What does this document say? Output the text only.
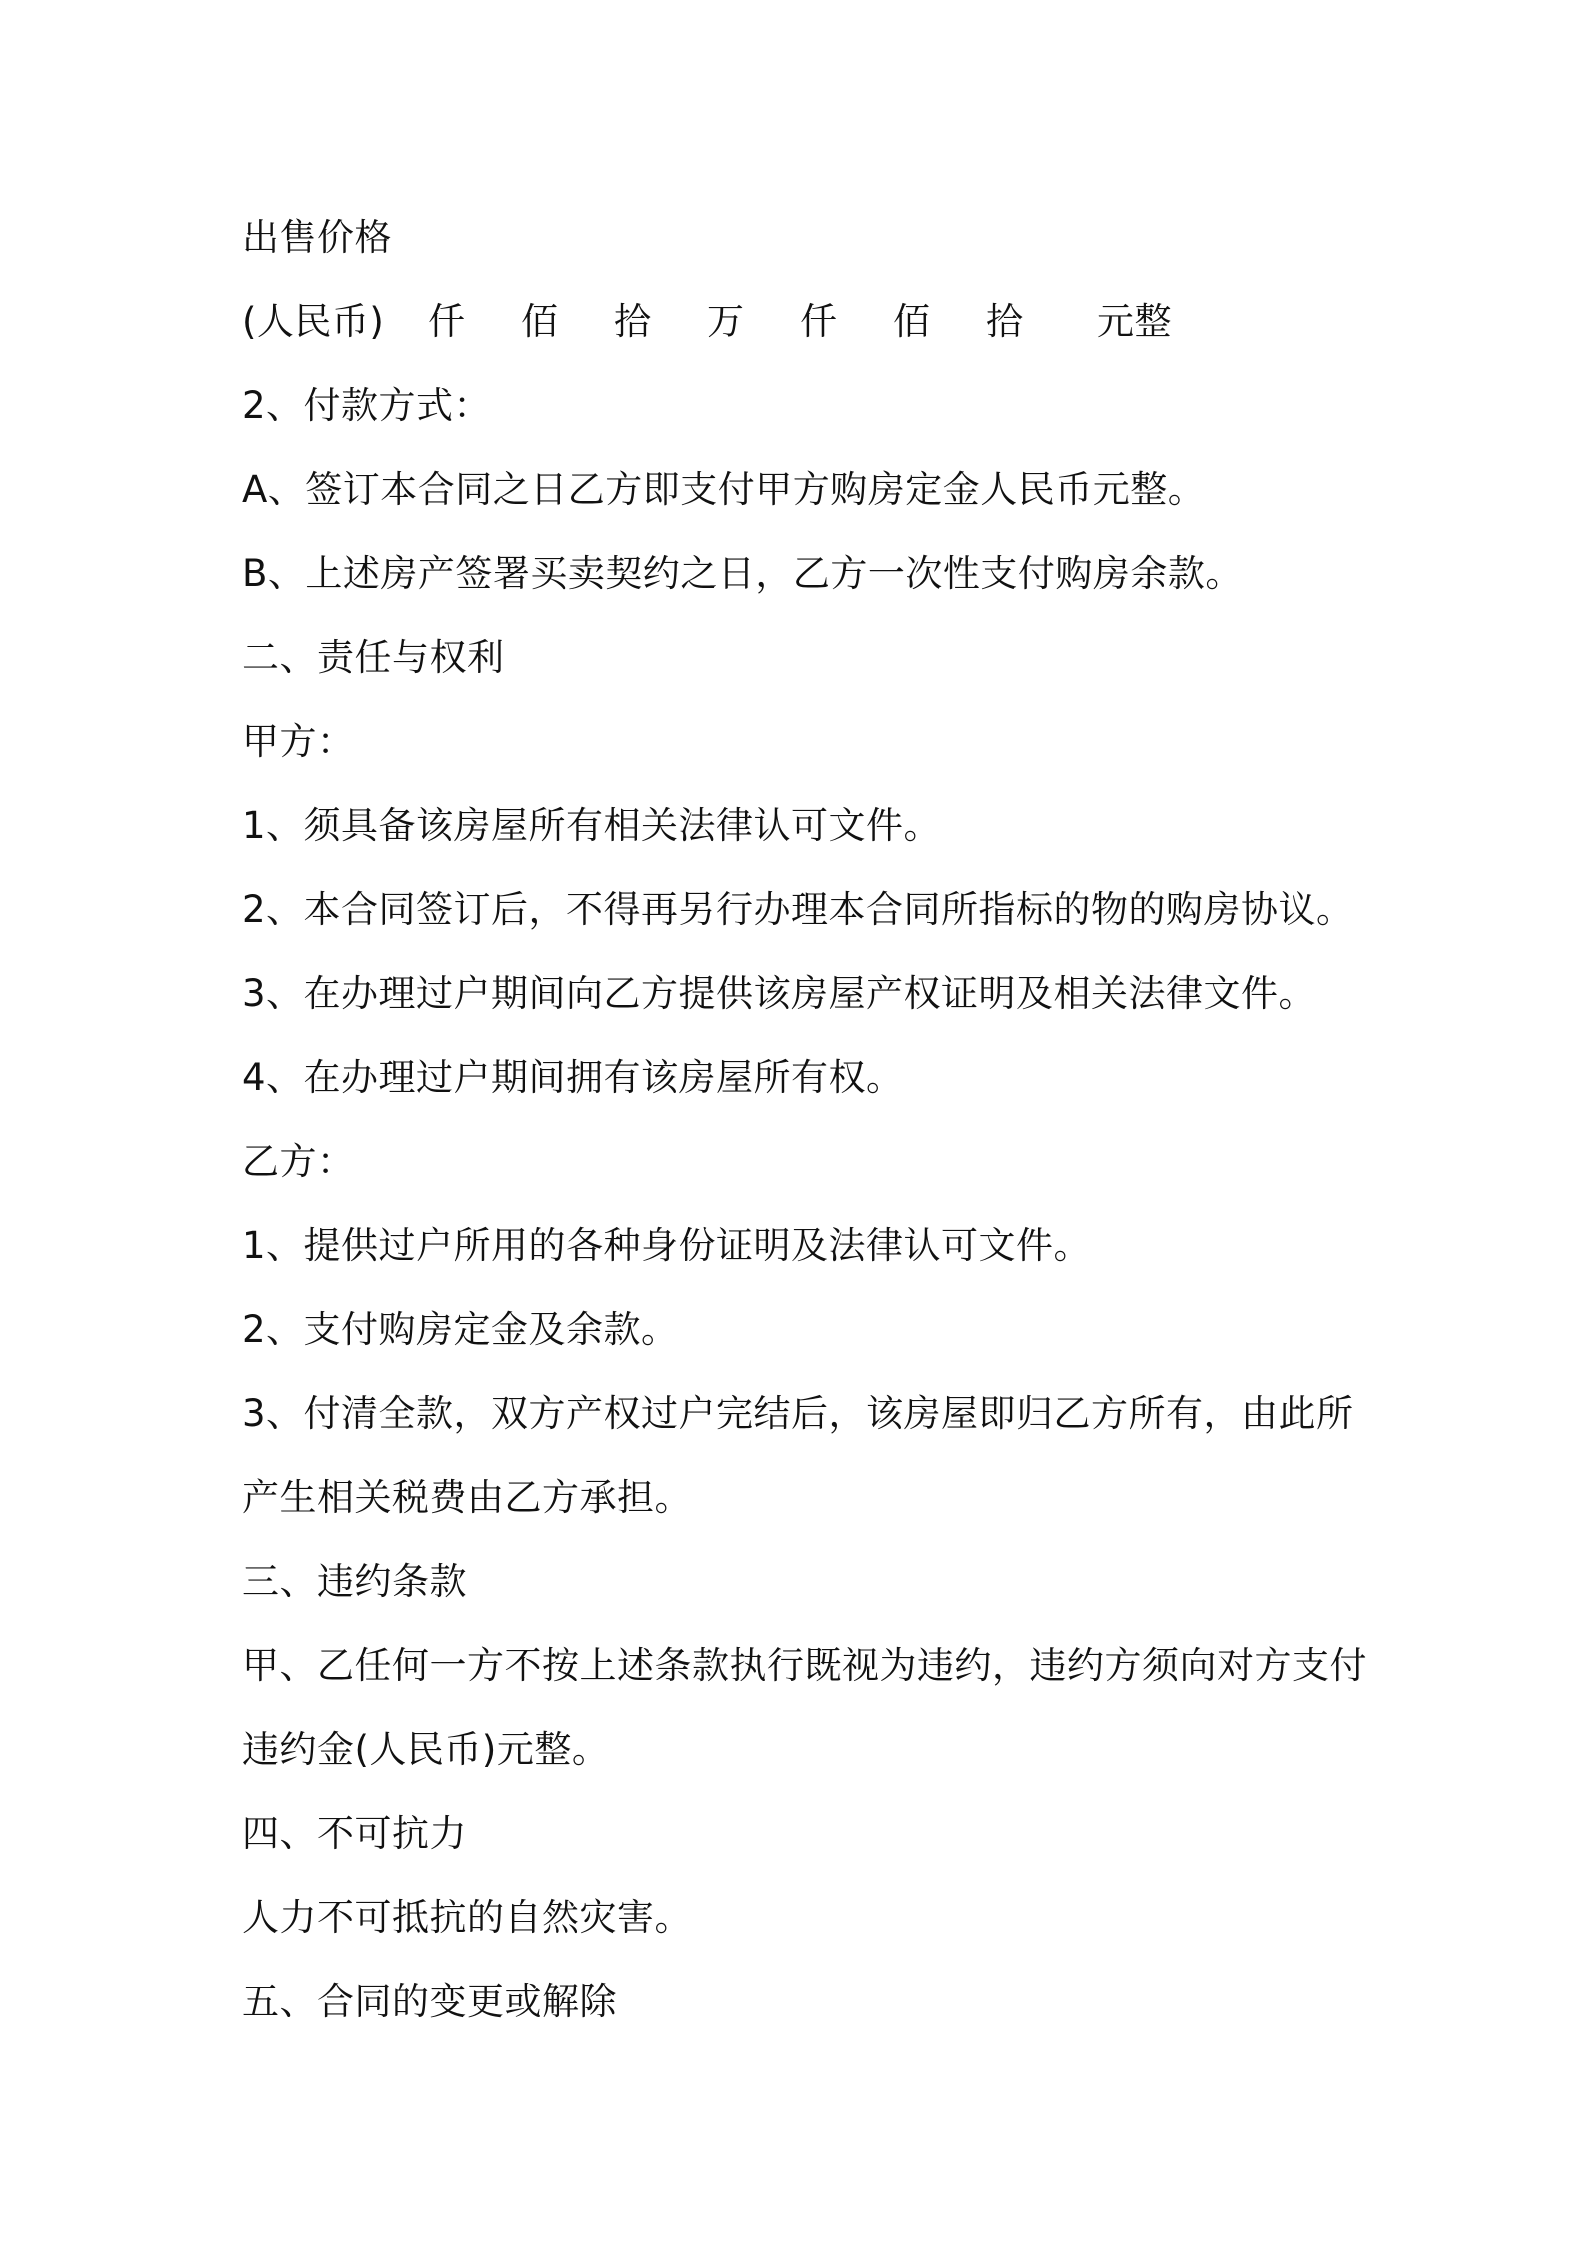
出售价格
(人民币)	仟	佰	拾	万	仟	佰	拾	元整
2、付款方式：
A、签订本合同之日乙方即支付甲方购房定金人民币元整。
B、上述房产签署买卖契约之日，乙方一次性支付购房余款。
二、责任与权利
甲方：
1、须具备该房屋所有相关法律认可文件。
2、本合同签订后，不得再另行办理本合同所指标的物的购房协议。
3、在办理过户期间向乙方提供该房屋产权证明及相关法律文件。
4、在办理过户期间拥有该房屋所有权。
乙方：
1、提供过户所用的各种身份证明及法律认可文件。
2、支付购房定金及余款。
3、付清全款，双方产权过户完结后，该房屋即归乙方所有，由此所
产生相关税费由乙方承担。
三、违约条款
甲、乙任何一方不按上述条款执行既视为违约，违约方须向对方支付
违约金(人民币)元整。
四、不可抗力
人力不可抵抗的自然灾害。
五、合同的变更或解除
